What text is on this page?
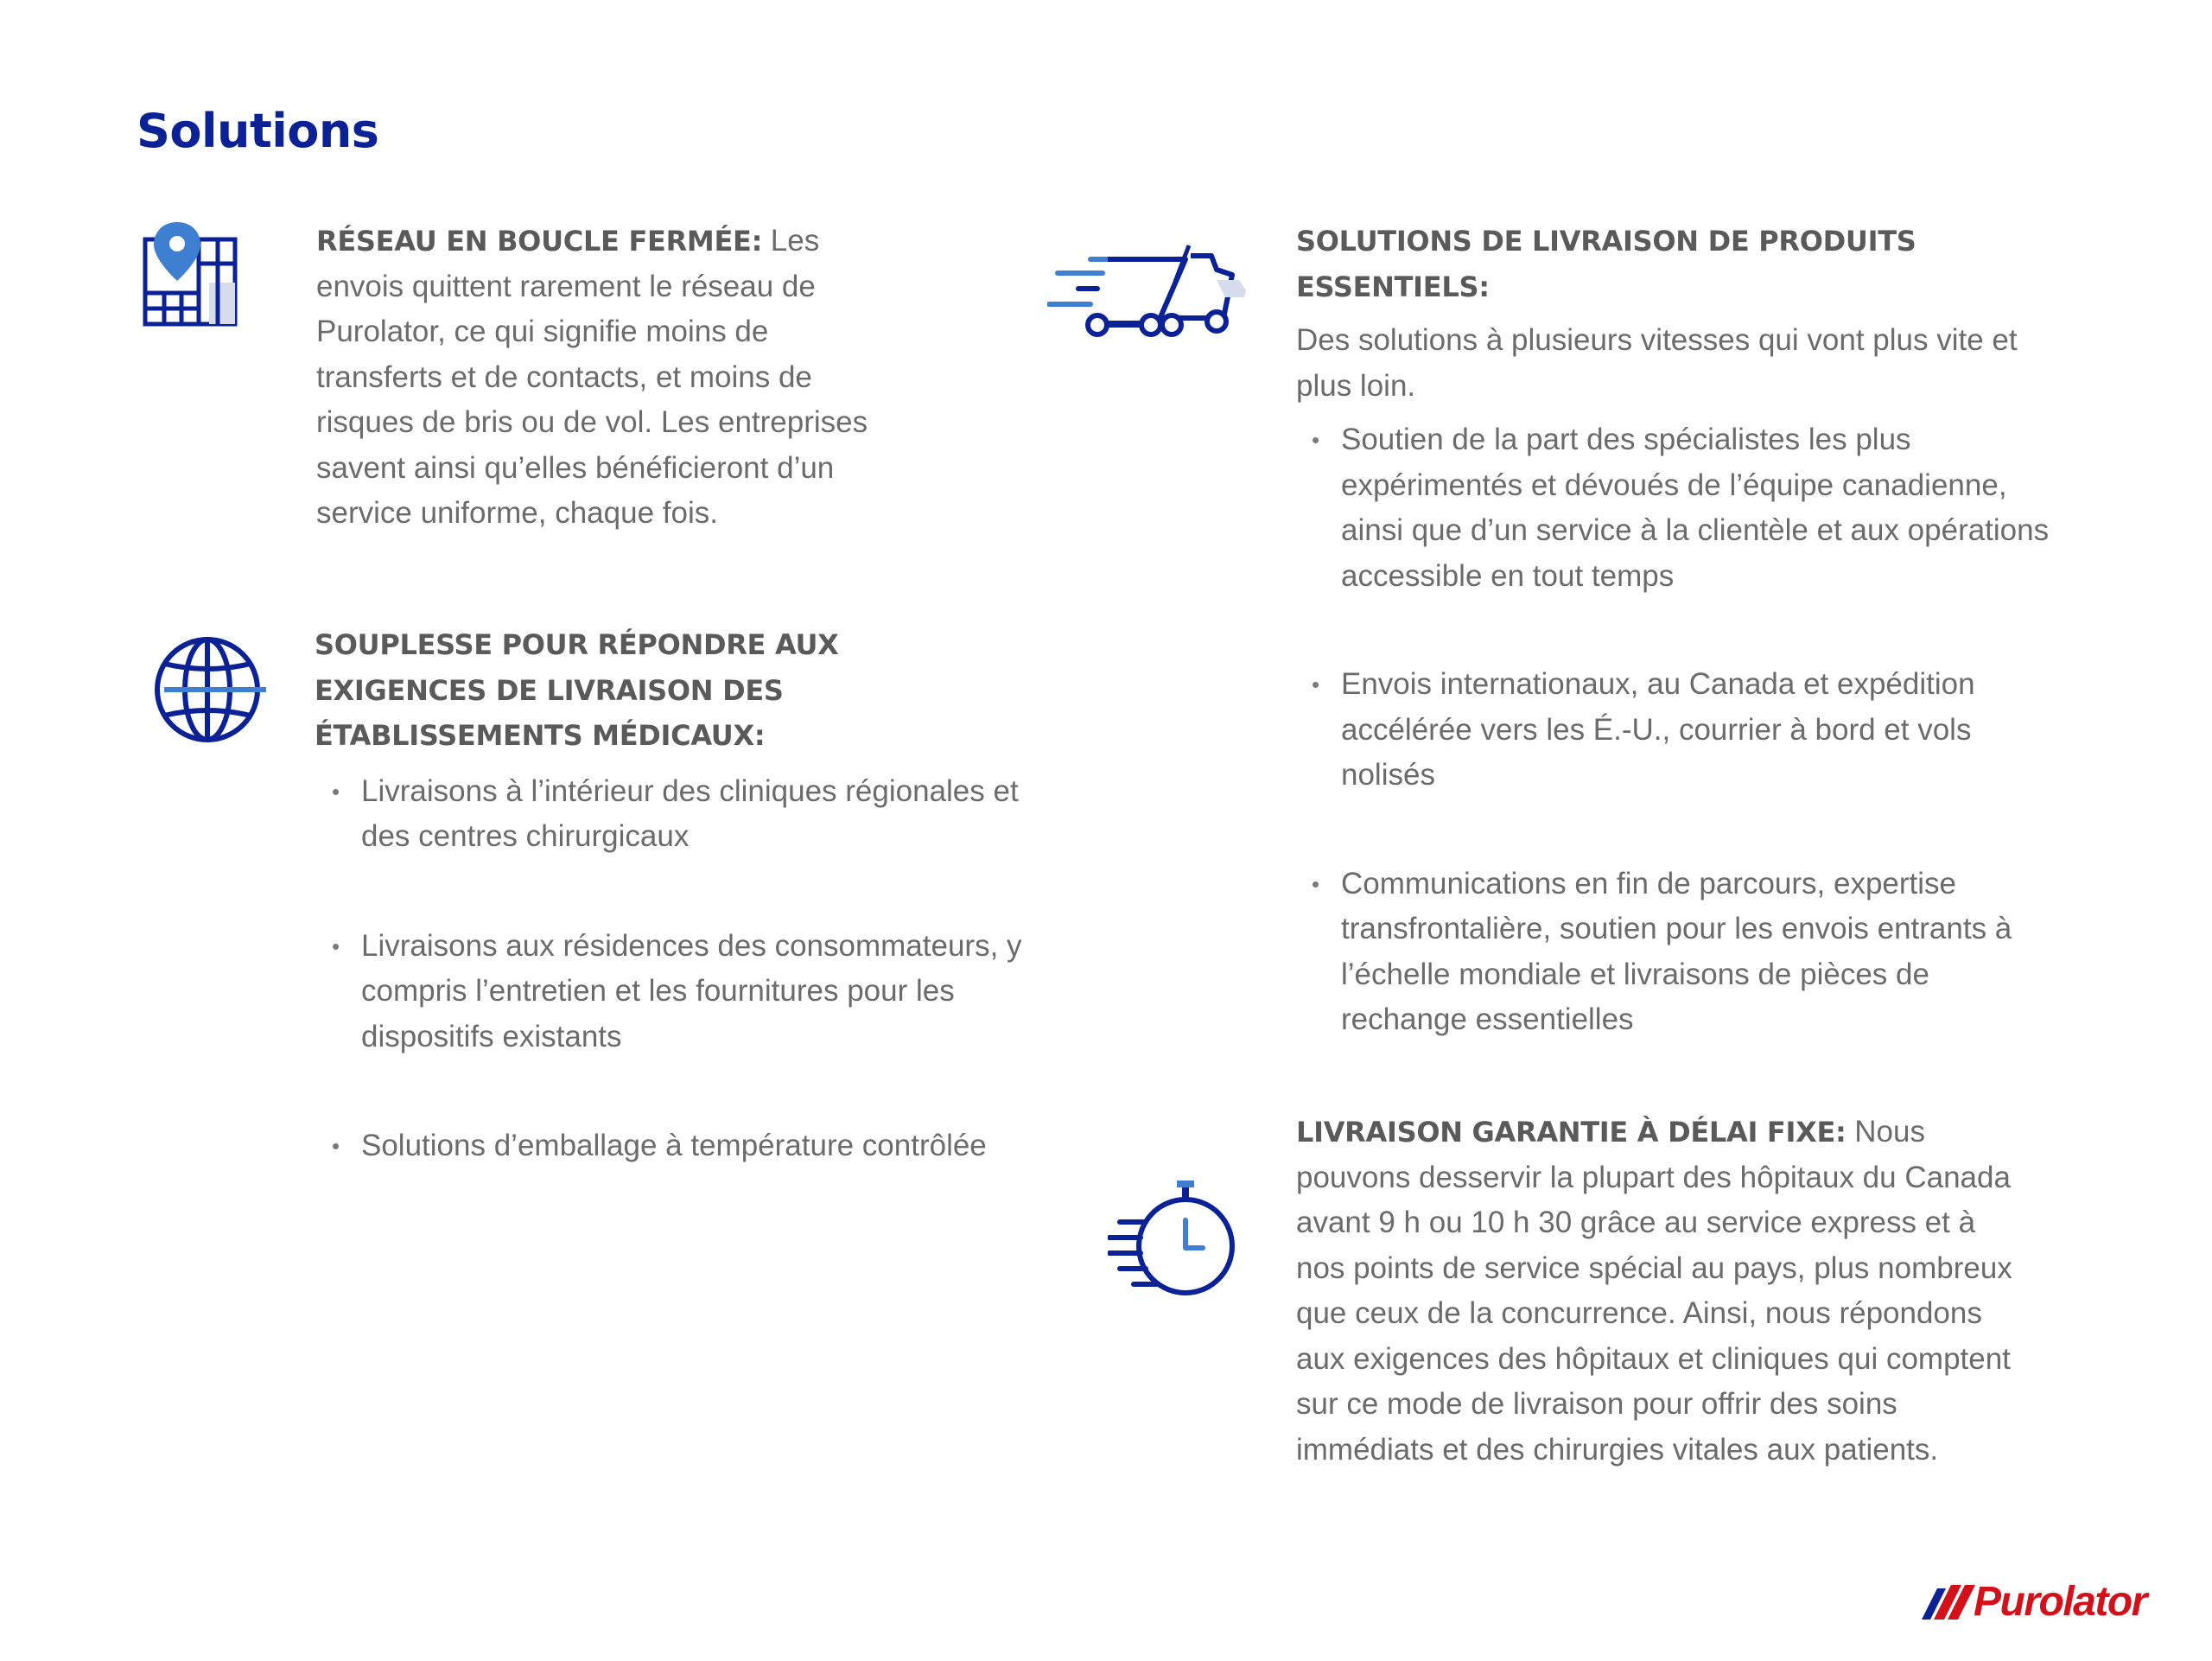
Solutions

RÉSEAU EN BOUCLE FERMÉE: Les envois quittent rarement le réseau de Purolator, ce qui signifie moins de transferts et de contacts, et moins de risques de bris ou de vol. Les entreprises savent ainsi qu’elles bénéficieront d’un service uniforme, chaque fois.

SOUPLESSE POUR RÉPONDRE AUX EXIGENCES DE LIVRAISON DES ÉTABLISSEMENTS MÉDICAUX:

• Livraisons à l’intérieur des cliniques régionales et des centres chirurgicaux
• Livraisons aux résidences des consommateurs, y compris l’entretien et les fournitures pour les dispositifs existants
• Solutions d’emballage à température contrôlée

SOLUTIONS DE LIVRAISON DE PRODUITS ESSENTIELS:

Des solutions à plusieurs vitesses qui vont plus vite et plus loin.

• Soutien de la part des spécialistes les plus expérimentés et dévoués de l’équipe canadienne, ainsi que d’un service à la clientèle et aux opérations accessible en tout temps
• Envois internationaux, au Canada et expédition accélérée vers les É.-U., courrier à bord et vols nolisés
• Communications en fin de parcours, expertise transfrontalière, soutien pour les envois entrants à l’échelle mondiale et livraisons de pièces de rechange essentielles

LIVRAISON GARANTIE À DÉLAI FIXE: Nous pouvons desservir la plupart des hôpitaux du Canada avant 9 h ou 10 h 30 grâce au service express et à nos points de service spécial au pays, plus nombreux que ceux de la concurrence. Ainsi, nous répondons aux exigences des hôpitaux et cliniques qui comptent sur ce mode de livraison pour offrir des soins immédiats et des chirurgies vitales aux patients.

Purolator
